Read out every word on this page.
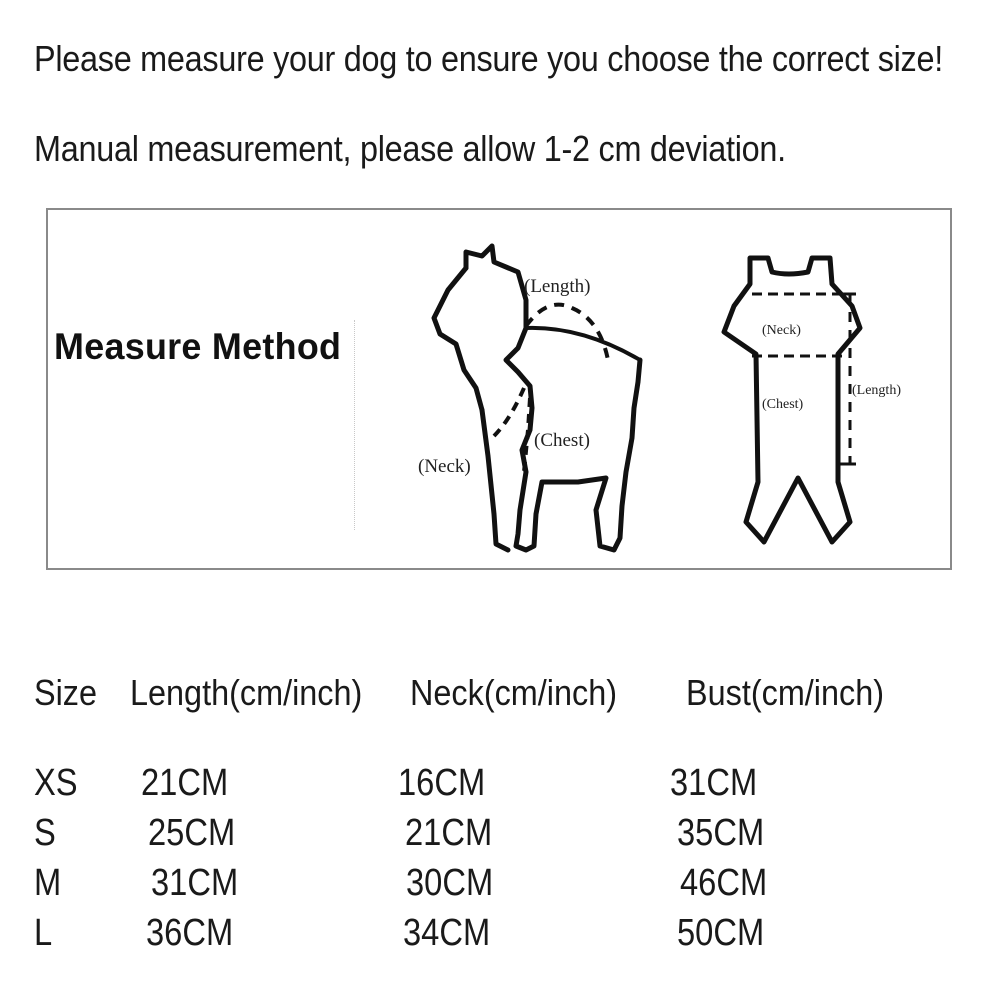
Please measure your dog to ensure you choose the correct size!
Manual measurement, please allow 1-2 cm deviation.
Measure Method
(Length)
(Chest)
(Neck)
(Neck)
(Chest)
(Length)
Size Length(cm/inch) Neck(cm/inch) Bust(cm/inch)
XS 21CM	16CM	31CM
S 25CM	21CM	35CM
M 31CM	30CM	46CM
L 36CM	34CM	50CM
